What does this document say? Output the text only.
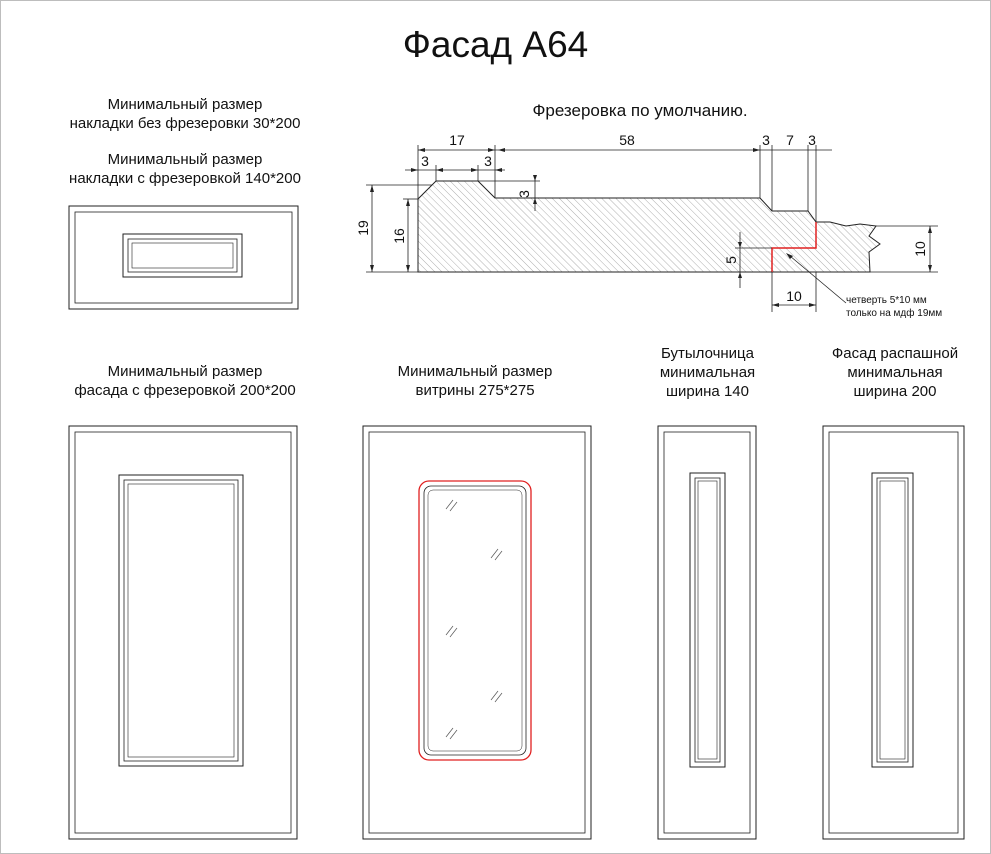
Фасад А64
Минимальный размер
накладки без фрезеровки 30*200
Минимальный размер
накладки с фрезеровкой 140*200
Минимальный размер
фасада с фрезеровкой 200*200
Минимальный размер
витрины 275*275
Бутылочница
минимальная
ширина 140
Фасад распашной
минимальная
ширина 200
Фрезеровка по умолчанию.
17	58	3 7 3
3	3
3
19
16
10
5
10	четверть 5*10 мм
только на мдф 19мм
